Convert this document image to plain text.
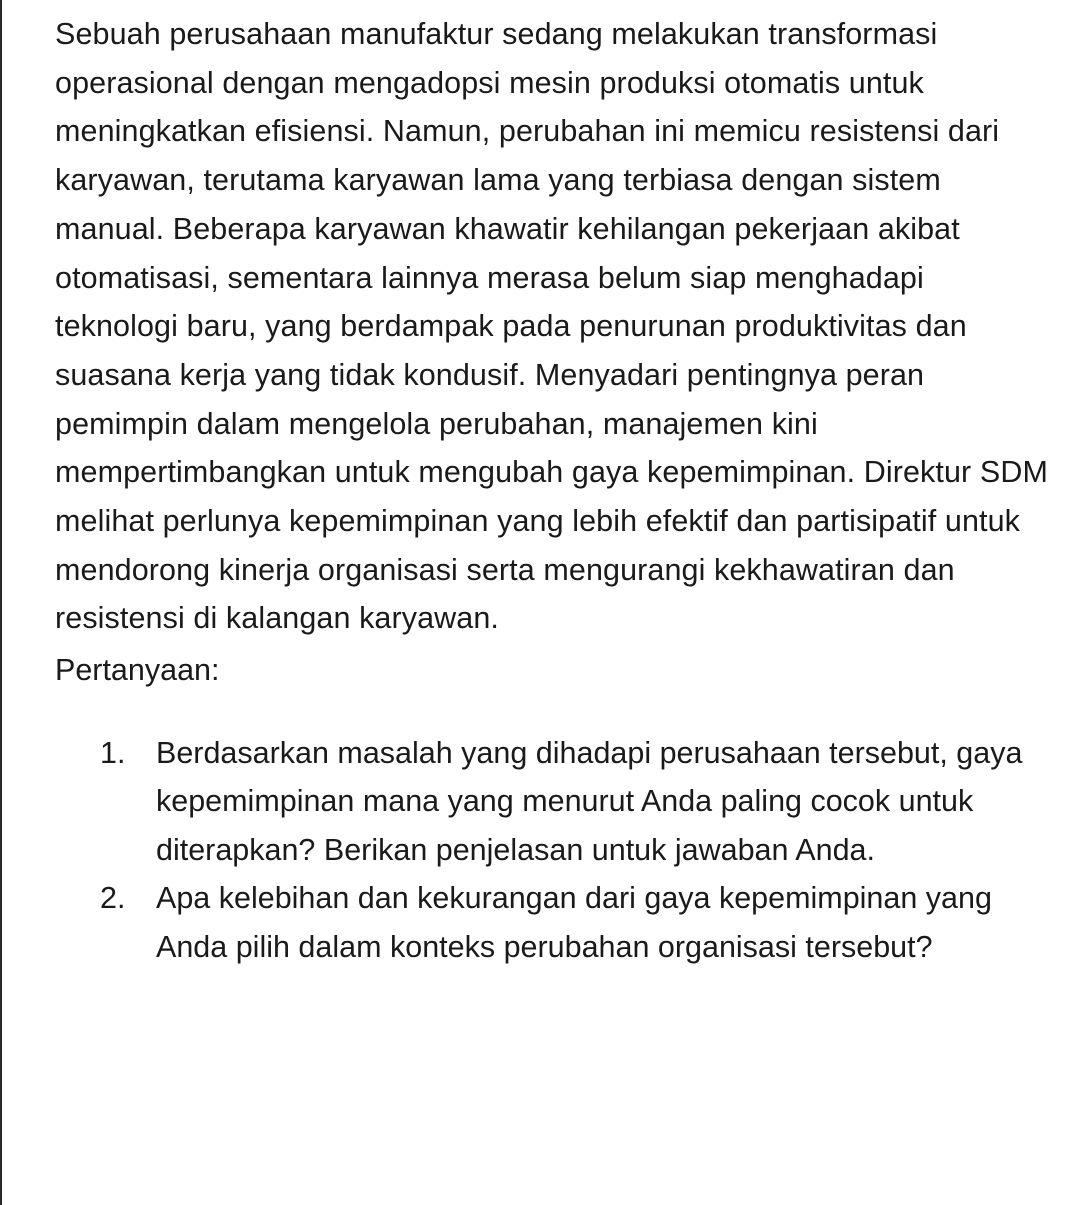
Sebuah perusahaan manufaktur sedang melakukan transformasi operasional dengan mengadopsi mesin produksi otomatis untuk meningkatkan efisiensi. Namun, perubahan ini memicu resistensi dari karyawan, terutama karyawan lama yang terbiasa dengan sistem manual. Beberapa karyawan khawatir kehilangan pekerjaan akibat otomatisasi, sementara lainnya merasa belum siap menghadapi teknologi baru, yang berdampak pada penurunan produktivitas dan suasana kerja yang tidak kondusif. Menyadari pentingnya peran pemimpin dalam mengelola perubahan, manajemen kini mempertimbangkan untuk mengubah gaya kepemimpinan. Direktur SDM melihat perlunya kepemimpinan yang lebih efektif dan partisipatif untuk mendorong kinerja organisasi serta mengurangi kekhawatiran dan resistensi di kalangan karyawan.

Pertanyaan:

1. Berdasarkan masalah yang dihadapi perusahaan tersebut, gaya kepemimpinan mana yang menurut Anda paling cocok untuk diterapkan? Berikan penjelasan untuk jawaban Anda.
2. Apa kelebihan dan kekurangan dari gaya kepemimpinan yang Anda pilih dalam konteks perubahan organisasi tersebut?
